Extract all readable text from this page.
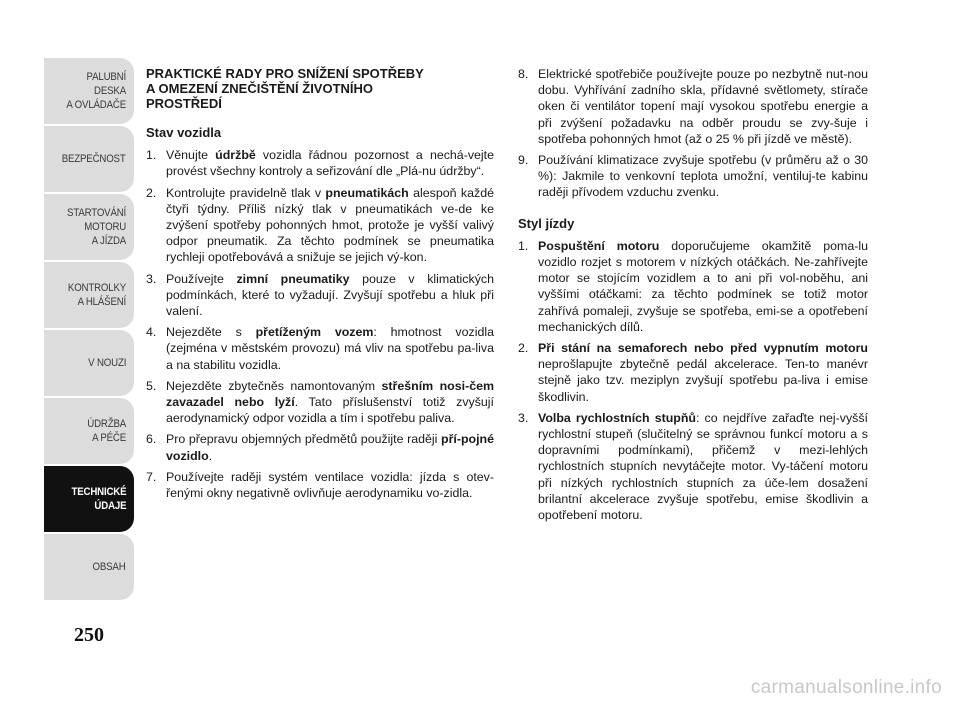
PALUBNÍ DESKA
A OVLÁDAČE
BEZPEČNOST
STARTOVÁNÍ
MOTORU
A JÍZDA
KONTROLKY
A HLÁŠENÍ
V NOUZI
ÚDRŽBA
A PÉČE
TECHNICKÉ
ÚDAJE
OBSAH
250
PRAKTICKÉ RADY PRO SNÍŽENÍ SPOTŘEBY
A OMEZENÍ ZNEČIŠTĚNÍ ŽIVOTNÍHO
PROSTŘEDÍ
Stav vozidla
1. Věnujte údržbě vozidla řádnou pozornost a nechá-vejte provést všechny kontroly a seřizování dle „Plá-nu údržby“.
2. Kontrolujte pravidelně tlak v pneumatikách alespoň každé čtyři týdny. Příliš nízký tlak v pneumatikách ve-de ke zvýšení spotřeby pohonných hmot, protože je vyšší valivý odpor pneumatik. Za těchto podmínek se pneumatika rychleji opotřebovává a snižuje se jejich vý-kon.
3. Používejte zimní pneumatiky pouze v klimatických podmínkách, které to vyžadují. Zvyšují spotřebu a hluk při valení.
4. Nejezděte s přetíženým vozem: hmotnost vozidla (zejména v městském provozu) má vliv na spotřebu pa-liva a na stabilitu vozidla.
5. Nejezděte zbytečněs namontovaným střešním nosi-čem zavazadel nebo lyží. Tato příslušenství totiž zvyšují aerodynamický odpor vozidla a tím i spotřebu paliva.
6. Pro přepravu objemných předmětů použijte raději pří-pojné vozidlo.
7. Používejte raději systém ventilace vozidla: jízda s otev-řenými okny negativně ovlivňuje aerodynamiku vo-zidla.
8. Elektrické spotřebiče používejte pouze po nezbytně nut-nou dobu. Vyhřívání zadního skla, přídavné světlomety, stírače oken či ventilátor topení mají vysokou spotřebu energie a při zvýšení požadavku na odběr proudu se zvy-šuje i spotřeba pohonných hmot (až o 25 % při jízdě ve městě).
9. Používání klimatizace zvyšuje spotřebu (v průměru až o 30 %): Jakmile to venkovní teplota umožní, ventiluj-te kabinu raději přívodem vzduchu zvenku.
Styl jízdy
1. Pospuštění motoru doporučujeme okamžitě poma-lu vozidlo rozjet s motorem v nízkých otáčkách. Ne-zahřívejte motor se stojícím vozidlem a to ani při vol-noběhu, ani vyššími otáčkami: za těchto podmínek se totiž motor zahřívá pomaleji, zvyšuje se spotřeba, emi-se a opotřebení mechanických dílů.
2. Při stání na semaforech nebo před vypnutím motoru neprošlapujte zbytečně pedál akcelerace. Ten-to manévr stejně jako tzv. meziplyn zvyšují spotřebu pa-liva i emise škodlivin.
3. Volba rychlostních stupňů: co nejdříve zařaďte nej-vyšší rychlostní stupeň (slučitelný se správnou funkcí motoru a s dopravními podmínkami), přičemž v mezi-lehlých rychlostních stupních nevytáčejte motor. Vy-táčení motoru při nízkých rychlostních stupních za úče-lem dosažení brilantní akcelerace zvyšuje spotřebu, emise škodlivin a opotřebení motoru.
carmanualsonline.info
